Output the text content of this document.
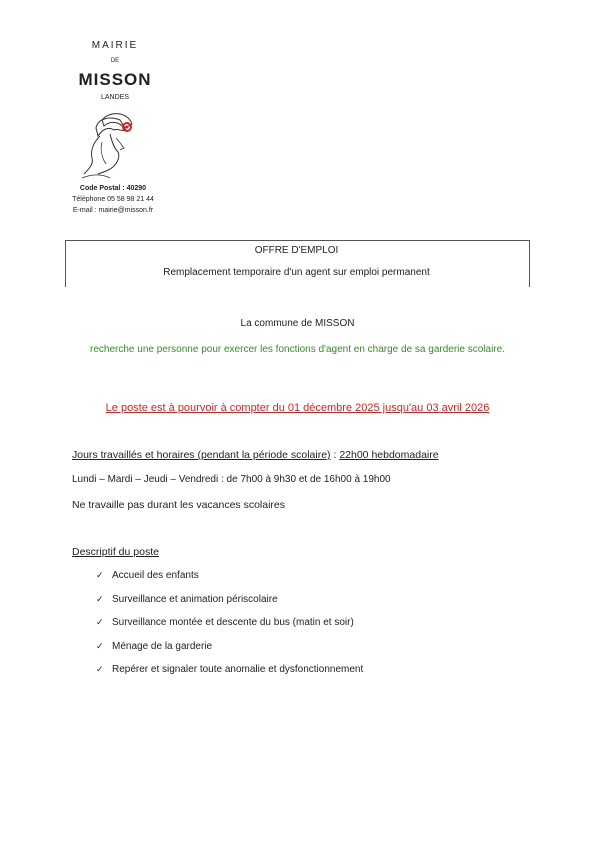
MAIRIE
DE
MISSON
LANDES
Code Postal : 40290
Téléphone 05 58 98 21 44
E-mail : mairie@misson.fr
OFFRE D'EMPLOI
Remplacement temporaire d'un agent sur emploi permanent
La commune de MISSON
recherche une personne pour exercer les fonctions d'agent en charge de sa garderie scolaire.
Le poste est à pourvoir à compter du 01 décembre 2025 jusqu'au 03 avril 2026
Jours travaillés et horaires (pendant la période scolaire) : 22h00 hebdomadaire
Lundi – Mardi – Jeudi – Vendredi : de 7h00 à 9h30 et de 16h00 à 19h00
Ne travaille pas durant les vacances scolaires
Descriptif du poste
✓ Accueil des enfants
✓ Surveillance et animation périscolaire
✓ Surveillance montée et descente du bus (matin et soir)
✓ Ménage de la garderie
✓ Repérer et signaler toute anomalie et dysfonctionnement
